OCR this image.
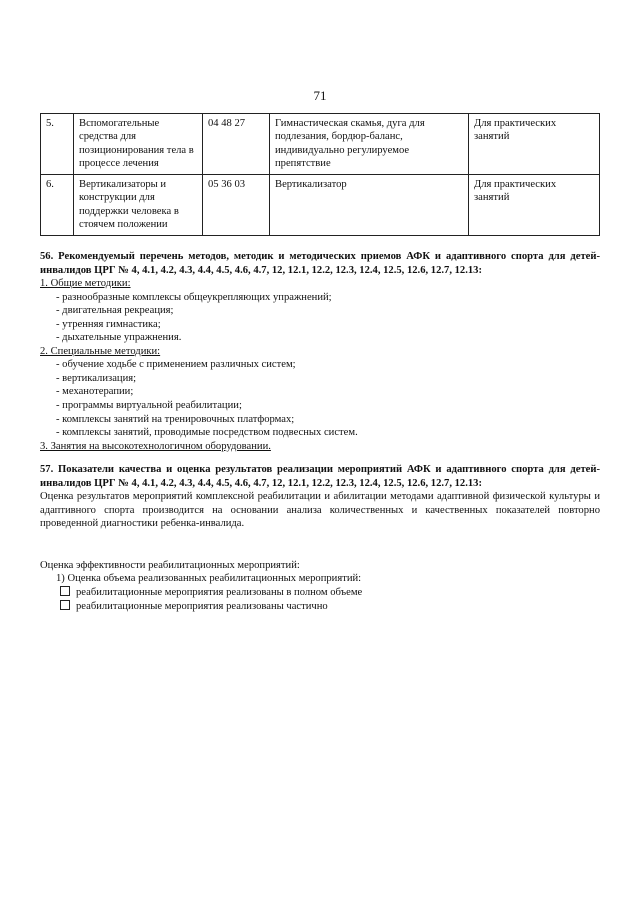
71
5.	Вспомогательные средства для позиционирования тела в процессе лечения	04 48 27	Гимнастическая скамья, дуга для подлезания, бордюр-баланс, индивидуально регулируемое препятствие	Для практических занятий
6.	Вертикализаторы и конструкции для поддержки человека в стоячем положении	05 36 03	Вертикализатор	Для практических занятий

56. Рекомендуемый перечень методов, методик и методических приемов АФК и адаптивного спорта для детей-инвалидов ЦРГ № 4, 4.1, 4.2, 4.3, 4.4, 4.5, 4.6, 4.7, 12, 12.1, 12.2, 12.3, 12.4, 12.5, 12.6, 12.7, 12.13:

1. Общие методики:

- разнообразные комплексы общеукрепляющих упражнений;

- двигательная рекреация;

- утренняя гимнастика;

- дыхательные упражнения.

2. Специальные методики:

- обучение ходьбе с применением различных систем;

- вертикализация;

- механотерапии;

- программы виртуальной реабилитации;

- комплексы занятий на тренировочных платформах;

- комплексы занятий, проводимые посредством подвесных систем.

3. Занятия на высокотехнологичном оборудовании.

57. Показатели качества и оценка результатов реализации мероприятий АФК и адаптивного спорта для детей-инвалидов ЦРГ № 4, 4.1, 4.2, 4.3, 4.4, 4.5, 4.6, 4.7, 12, 12.1, 12.2, 12.3, 12.4, 12.5, 12.6, 12.7, 12.13:

Оценка результатов мероприятий комплексной реабилитации и абилитации методами адаптивной физической культуры и адаптивного спорта производится на основании анализа количественных и качественных показателей повторно проведенной диагностики ребенка-инвалида.

Оценка эффективности реабилитационных мероприятий:

1) Оценка объема реализованных реабилитационных мероприятий:

реабилитационные мероприятия реализованы в полном объеме

реабилитационные мероприятия реализованы частично
